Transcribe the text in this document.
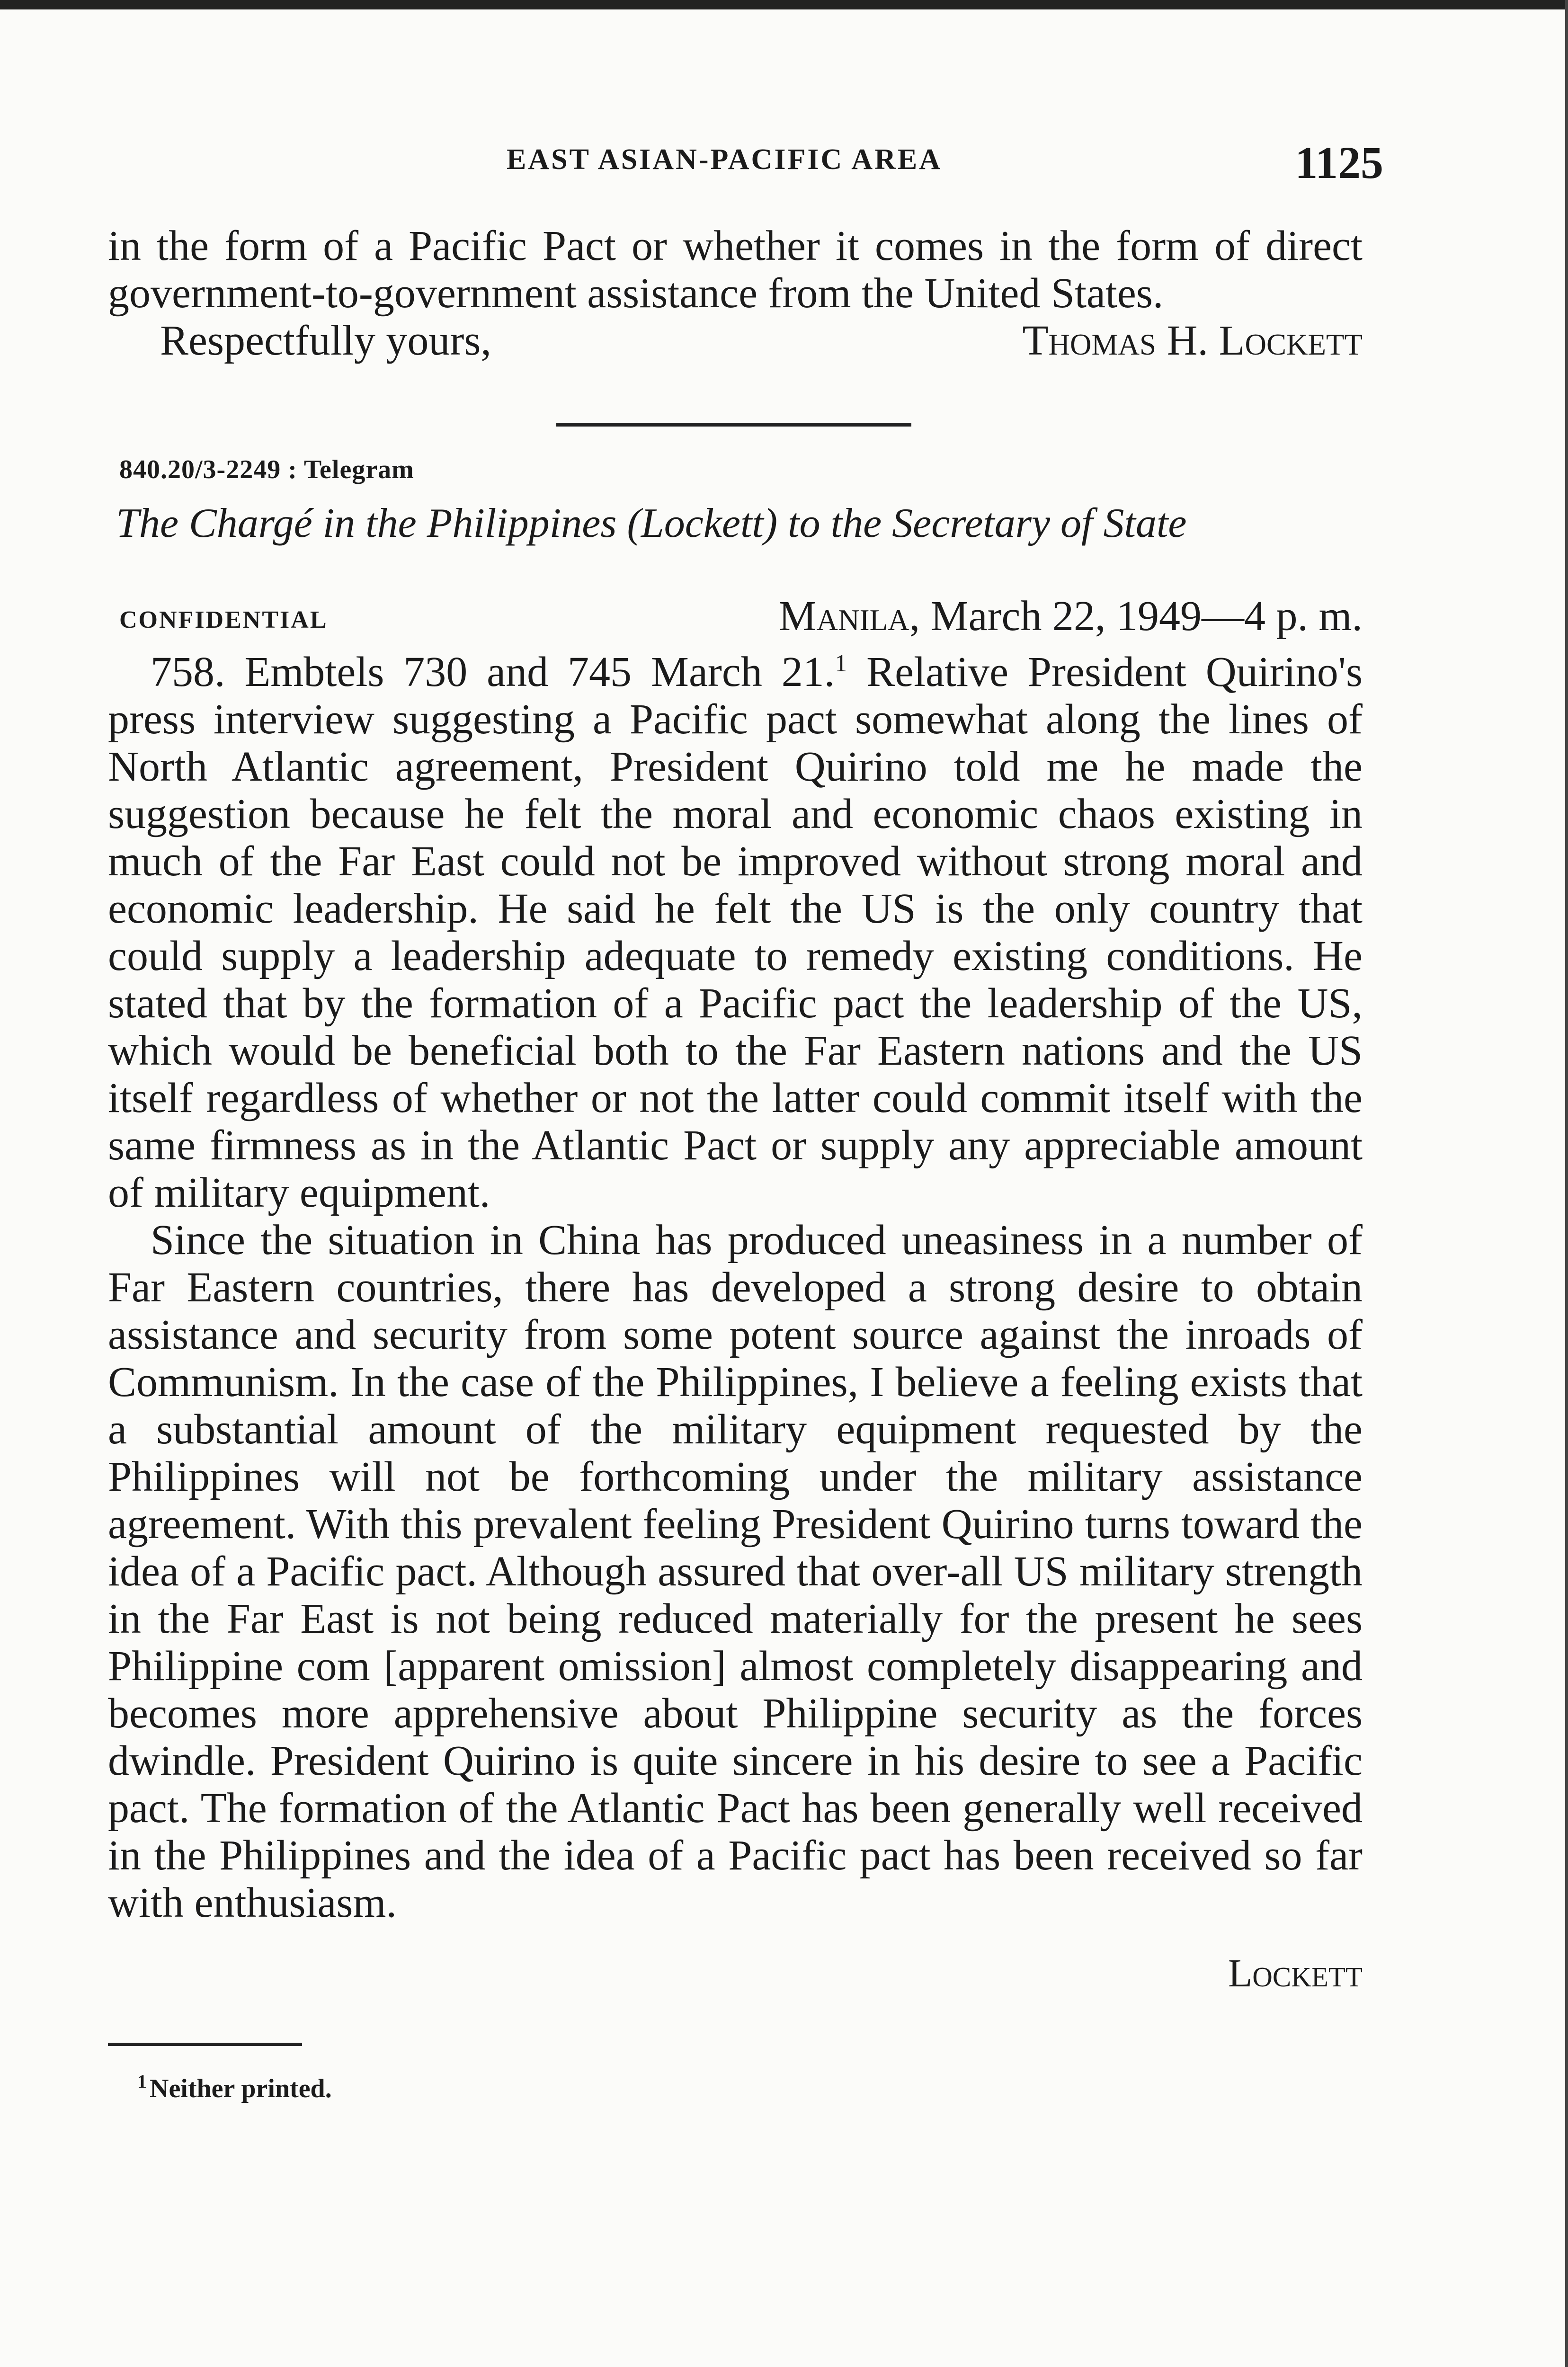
EAST ASIAN-PACIFIC AREA	1125
in the form of a Pacific Pact or whether it comes in the form of direct government-to-government assistance from the United States.
Respectfully yours,	Thomas H. Lockett
840.20/3-2249 : Telegram
The Chargé in the Philippines (Lockett) to the Secretary of State
CONFIDENTIAL	Manila, March 22, 1949—4 p. m.

758. Embtels 730 and 745 March 21.$^1$ Relative President Quirino's press interview suggesting a Pacific pact somewhat along the lines of North Atlantic agreement, President Quirino told me he made the suggestion because he felt the moral and economic chaos existing in much of the Far East could not be improved without strong moral and economic leadership. He said he felt the US is the only country that could supply a leadership adequate to remedy existing conditions. He stated that by the formation of a Pacific pact the leadership of the US, which would be beneficial both to the Far Eastern nations and the US itself regardless of whether or not the latter could commit itself with the same firmness as in the Atlantic Pact or supply any appreciable amount of military equipment.

Since the situation in China has produced uneasiness in a number of Far Eastern countries, there has developed a strong desire to obtain assistance and security from some potent source against the inroads of Communism. In the case of the Philippines, I believe a feeling exists that a substantial amount of the military equipment requested by the Philippines will not be forthcoming under the military assistance agreement. With this prevalent feeling President Quirino turns toward the idea of a Pacific pact. Although assured that over-all US military strength in the Far East is not being reduced materially for the present he sees Philippine com [apparent omission] almost completely disappearing and becomes more apprehensive about Philippine security as the forces dwindle. President Quirino is quite sincere in his desire to see a Pacific pact. The formation of the Atlantic Pact has been generally well received in the Philippines and the idea of a Pacific pact has been received so far with enthusiasm.

Lockett
$^1$ Neither printed.
